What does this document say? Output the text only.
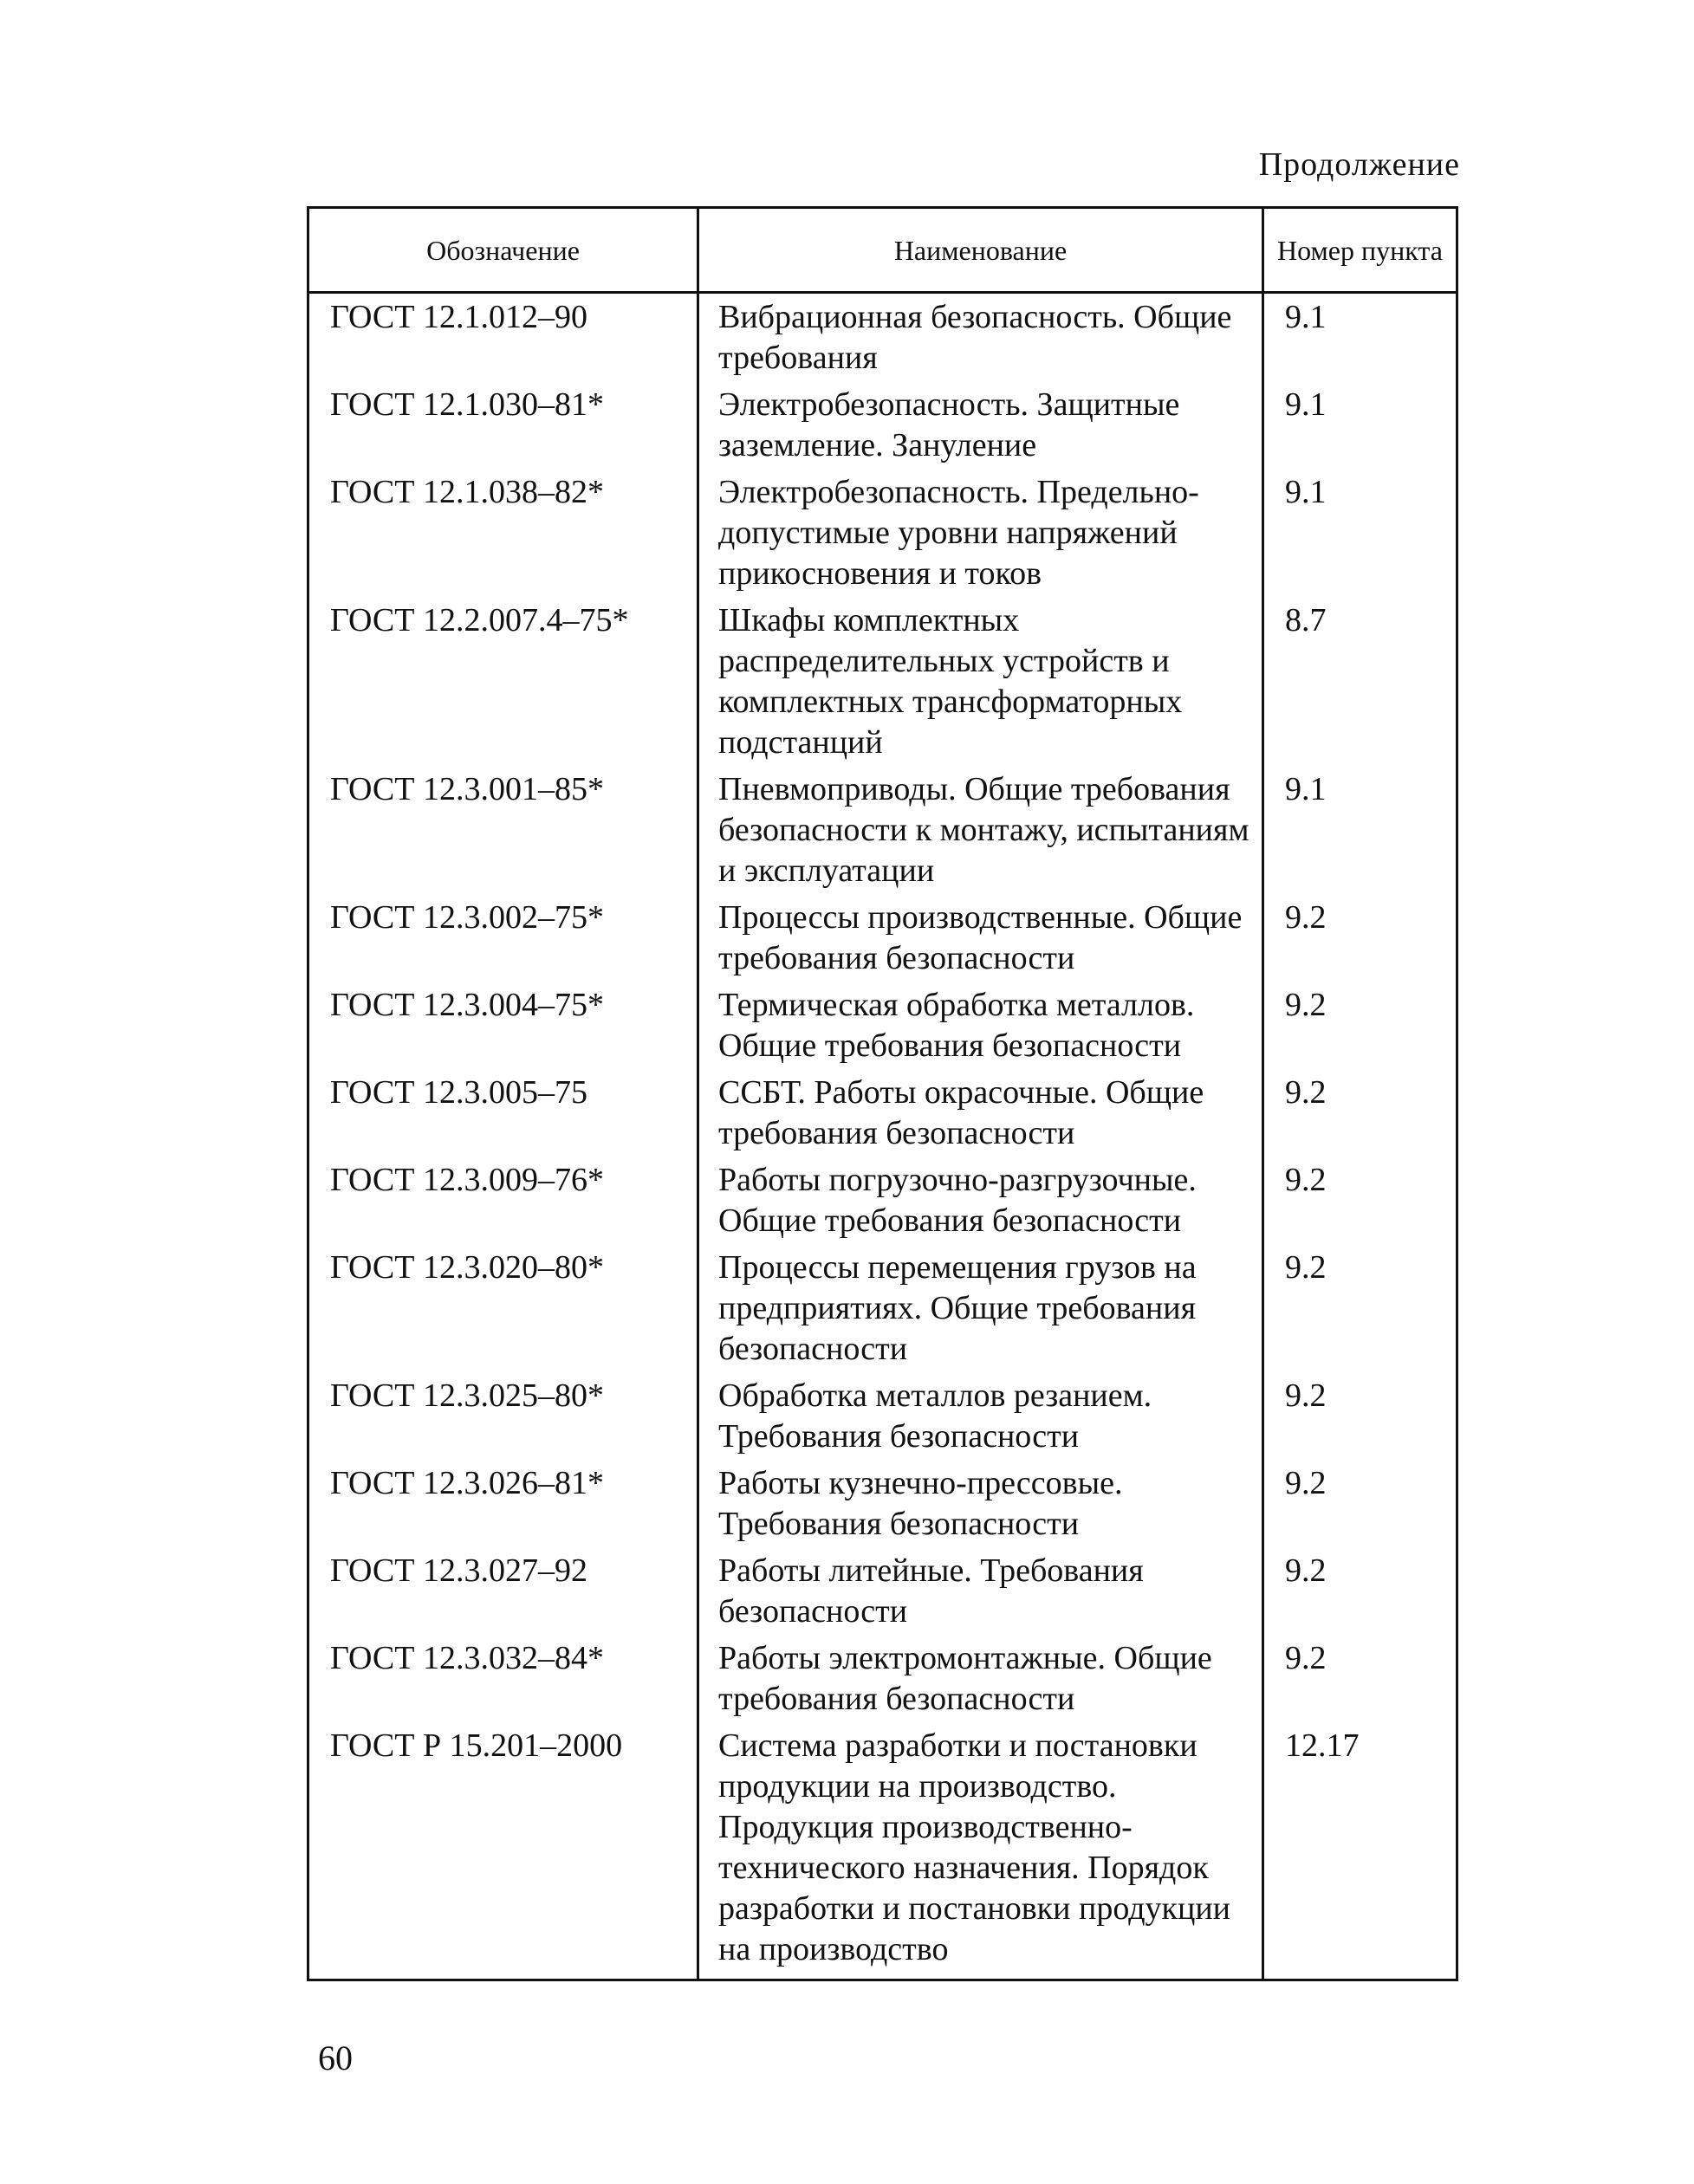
Продолжение
Обозначение	Наименование	Номер пункта
ГОСТ 12.1.012–90	Вибрационная безопасность. Общие требования	9.1
ГОСТ 12.1.030–81*	Электробезопасность. Защитные заземление. Зануление	9.1
ГОСТ 12.1.038–82*	Электробезопасность. Предельно-допустимые уровни напряжений прикосновения и токов	9.1
ГОСТ 12.2.007.4–75*	Шкафы комплектных распределительных устройств и комплектных трансформаторных подстанций	8.7
ГОСТ 12.3.001–85*	Пневмоприводы. Общие требования безопасности к монтажу, испытаниям и эксплуатации	9.1
ГОСТ 12.3.002–75*	Процессы производственные. Общие требования безопасности	9.2
ГОСТ 12.3.004–75*	Термическая обработка металлов. Общие требования безопасности	9.2
ГОСТ 12.3.005–75	ССБТ. Работы окрасочные. Общие требования безопасности	9.2
ГОСТ 12.3.009–76*	Работы погрузочно-разгрузочные. Общие требования безопасности	9.2
ГОСТ 12.3.020–80*	Процессы перемещения грузов на предприятиях. Общие требования безопасности	9.2
ГОСТ 12.3.025–80*	Обработка металлов резанием. Требования безопасности	9.2
ГОСТ 12.3.026–81*	Работы кузнечно-прессовые. Требования безопасности	9.2
ГОСТ 12.3.027–92	Работы литейные. Требования безопасности	9.2
ГОСТ 12.3.032–84*	Работы электромонтажные. Общие требования безопасности	9.2
ГОСТ Р 15.201–2000	Система разработки и постановки продукции на производство. Продукция производственно-технического назначения. Порядок разработки и постановки продукции на производство	12.17
60
